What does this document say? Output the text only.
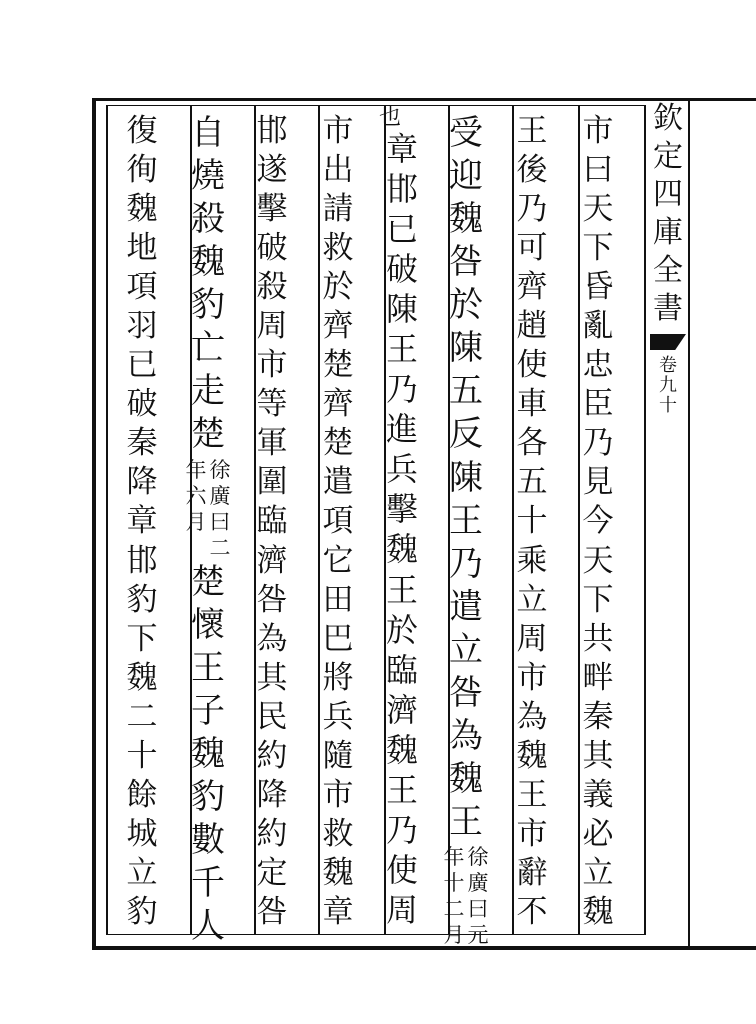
欽
定
四
庫
全
書
卷
九
十
市
曰
天
下
昏
亂
忠
臣
乃
見
今
天
下
共
畔
秦
其
義
必
立
魏
王
後
乃
可
齊
趙
使
車
各
五
十
乘
立
周
市
為
魏
王
市
辭
不
受
迎
魏
咎
於
陳
五
反
陳
王
乃
遣
立
咎
為
魏
王
徐
廣
曰
元
年
十
二
月
也
章
邯
已
破
陳
王
乃
進
兵
擊
魏
王
於
臨
濟
魏
王
乃
使
周
市
出
請
救
於
齊
楚
齊
楚
遣
項
它
田
巴
將
兵
隨
市
救
魏
章
邯
遂
擊
破
殺
周
市
等
軍
圍
臨
濟
咎
為
其
民
約
降
約
定
咎
自
燒
殺
魏
豹
亡
走
楚
徐
廣
曰
二
年
六
月
楚
懷
王
子
魏
豹
數
千
人
復
徇
魏
地
項
羽
已
破
秦
降
章
邯
豹
下
魏
二
十
餘
城
立
豹
